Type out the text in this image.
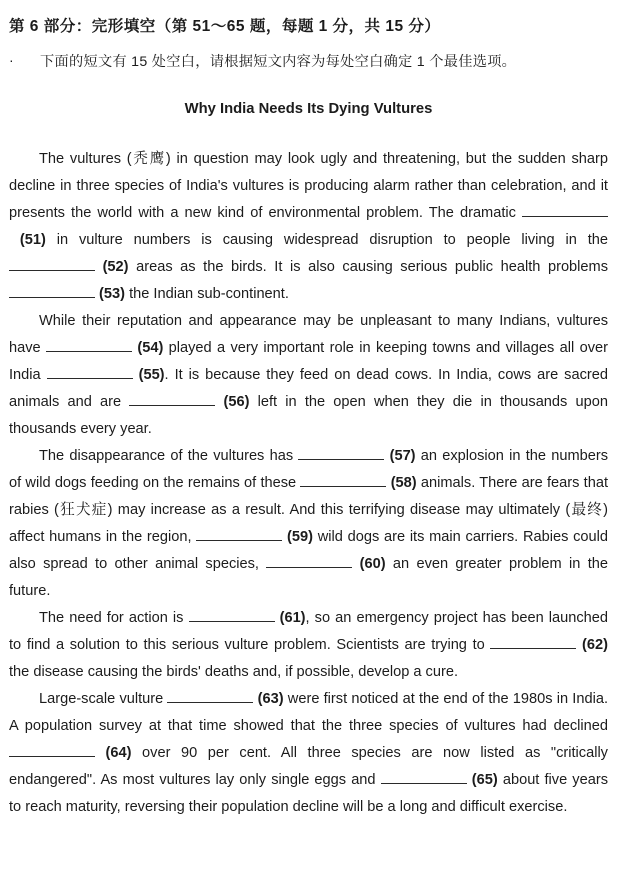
第 6 部分：完形填空（第 51～65 题，每题 1 分，共 15 分）
·	下面的短文有 15 处空白，请根据短文内容为每处空白确定 1 个最佳选项。
Why India Needs Its Dying Vultures

The vultures (秃鹰) in question may look ugly and threatening, but the sudden sharp decline in three species of India's vultures is producing alarm rather than celebration, and it presents the world with a new kind of environmental problem. The dramatic  (51) in vulture numbers is causing widespread disruption to people living in the  (52) areas as the birds. It is also causing serious public health problems  (53) the Indian sub-continent.

While their reputation and appearance may be unpleasant to many Indians, vultures have	(54) played a very important role in keeping towns and villages all over India	(55). It is because they feed on dead cows. In India, cows are sacred animals and are	(56) left in the open when they die in thousands upon thousands every year.

The disappearance of the vultures has	(57) an explosion in the numbers of wild dogs feeding on the remains of these	(58) animals. There are fears that rabies (狂犬症) may increase as a result. And this terrifying disease may ultimately (最终) affect humans in the region,	(59) wild dogs are its main carriers. Rabies could also spread to other animal species,	(60) an even greater problem in the future.

The need for action is	(61), so an emergency project has been launched to find a solution to this serious vulture problem. Scientists are trying to	(62) the disease causing the birds' deaths and, if possible, develop a cure.

Large-scale vulture	(63) were first noticed at the end of the 1980s in India. A population survey at that time showed that the three species of vultures had declined  (64) over 90 per cent. All three species are now listed as "critically endangered". As most vultures lay only single eggs and	(65) about five years to reach maturity, reversing their population decline will be a long and difficult exercise.
